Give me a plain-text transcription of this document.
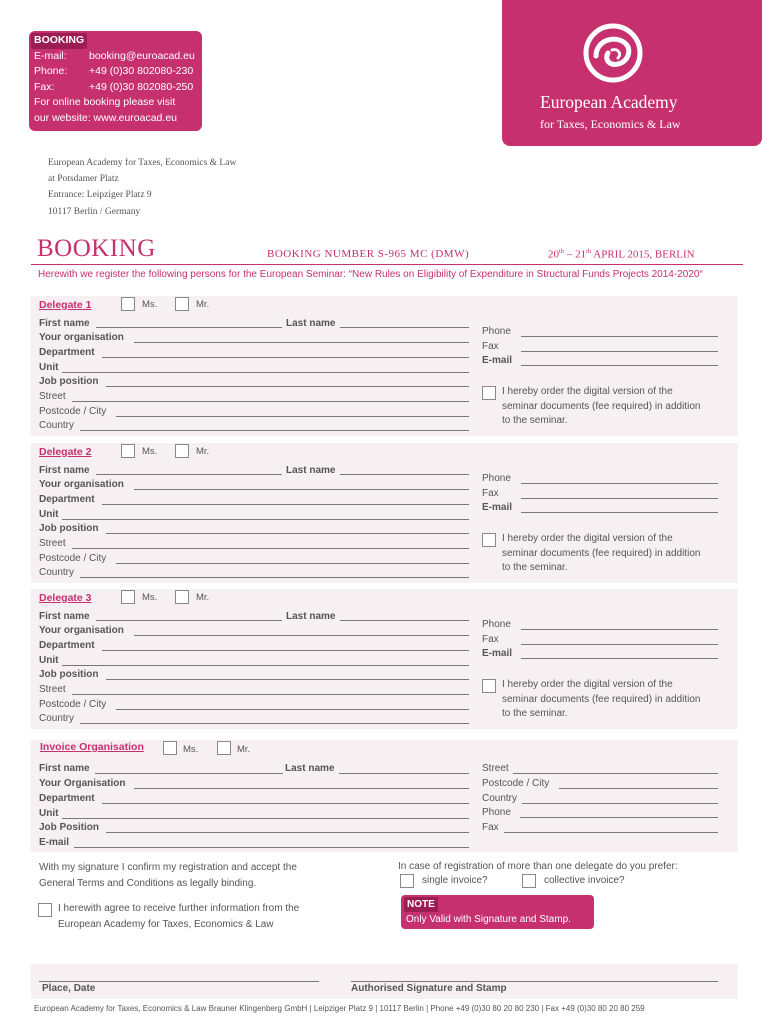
BOOKING
E-mail:	booking@euroacad.eu
Phone:	+49 (0)30 802080-230
Fax:	+49 (0)30 802080-250
For online booking please visit
our website: www.euroacad.eu
European Academy
for Taxes, Economics & Law
European Academy for Taxes, Economics & Law
at Potsdamer Platz
Entrance: Leipziger Platz 9
10117 Berlin / Germany
BOOKING	BOOKING NUMBER S-965 MC (DMW)	20th – 21th APRIL 2015, BERLIN
Herewith we register the following persons for the European Seminar: “New Rules on Eligibility of Expenditure in Structural Funds Projects 2014-2020“
Delegate 1	Ms.	Mr.
First name	Last name
Your organisation
Department
Unit
Job position
Street
Postcode / City
Country
Phone
Fax
E-mail
I hereby order the digital version of the
seminar documents (fee required) in addition
to the seminar.
Delegate 2	Ms.	Mr.
First name	Last name
Your organisation
Department
Unit
Job position
Street
Postcode / City
Country
Phone
Fax
E-mail
I hereby order the digital version of the
seminar documents (fee required) in addition
to the seminar.
Delegate 3	Ms.	Mr.
First name	Last name
Your organisation
Department
Unit
Job position
Street
Postcode / City
Country
Phone
Fax
E-mail
I hereby order the digital version of the
seminar documents (fee required) in addition
to the seminar.
Invoice Organisation	Ms.	Mr.
First name	Last name
Your Organisation
Department
Unit
Job Position
E-mail
Street
Postcode / City
Country
Phone
Fax
With my signature I confirm my registration and accept the
General Terms and Conditions as legally binding.
I herewith agree to receive further information from the
European Academy for Taxes, Economics & Law
In case of registration of more than one delegate do you prefer:
single invoice?	collective invoice?
NOTE
Only Valid with Signature and Stamp.
Place, Date	Authorised Signature and Stamp
European Academy for Taxes, Economics & Law Brauner Klingenberg GmbH | Leipziger Platz 9 | 10117 Berlin | Phone +49 (0)30 80 20 80 230 | Fax +49 (0)30 80 20 80 259
